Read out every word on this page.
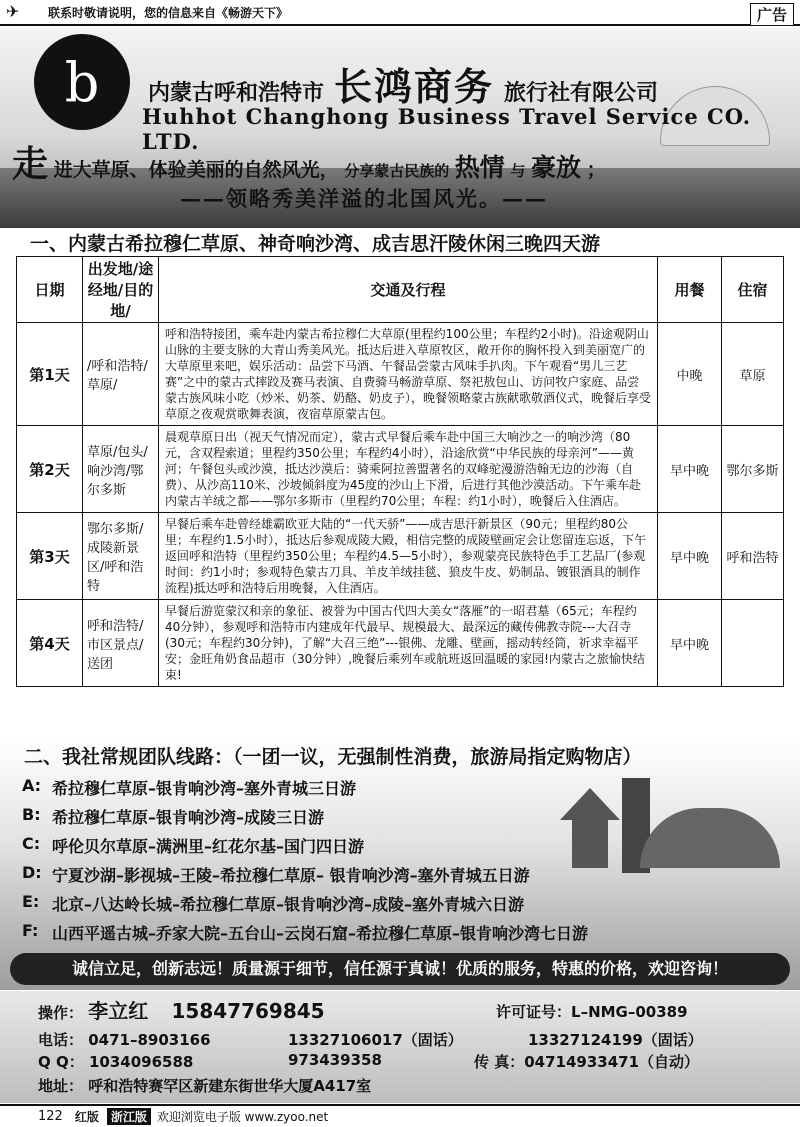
✈	联系时敬请说明，您的信息来自《畅游天下》	广告
b	内蒙古呼和浩特市 长鸿商务 旅行社有限公司
Huhhot Changhong Business Travel Service CO. LTD.
走 进大草原、体验美丽的自然风光， 分享蒙古民族的 热情 与 豪放 ；
——领略秀美洋溢的北国风光。——
一、内蒙古希拉穆仁草原、神奇响沙湾、成吉思汗陵休闲三晚四天游
日期	出发地/途经地/目的地/	交通及行程	用餐	住宿
第1天	/呼和浩特/草原/	呼和浩特接团，乘车赴内蒙古希拉穆仁大草原(里程约100公里；车程约2小时)。沿途观阴山山脉的主要支脉的大青山秀美风光。抵达后进入草原牧区，敞开你的胸怀投入到美丽宽广的大草原里来吧，娱乐活动：品尝下马酒、午餐品尝蒙古风味手扒肉。下午观看“男儿三艺赛”之中的蒙古式摔跤及赛马表演、自费骑马畅游草原、祭祀敖包山、访问牧户家庭、品尝蒙古族风味小吃（炒米、奶茶、奶酪、奶皮子），晚餐领略蒙古族献歌敬酒仪式，晚餐后享受草原之夜观赏歌舞表演，夜宿草原蒙古包。	中晚	草原
第2天	草原/包头/响沙湾/鄂尔多斯	晨观草原日出（视天气情况而定），蒙古式早餐后乘车赴中国三大响沙之一的响沙湾（80元，含双程索道；里程约350公里；车程约4小时），沿途欣赏“中华民族的母亲河”——黄河；午餐包头或沙漠，抵达沙漠后：骑乘阿拉善盟著名的双峰驼漫游浩翰无边的沙海（自费）、从沙高110米、沙坡倾斜度为45度的沙山上下滑，后进行其他沙漠活动。下午乘车赴内蒙古羊绒之都——鄂尔多斯市（里程约70公里；车程：约1小时），晚餐后入住酒店。	早中晚	鄂尔多斯
第3天	鄂尔多斯/成陵新景区/呼和浩特	早餐后乘车赴曾经雄霸欧亚大陆的“一代天骄”——成吉思汗新景区（90元；里程约80公里；车程约1.5小时），抵达后参观成陵大殿，相信完整的成陵壁画定会让您留连忘返，下午返回呼和浩特（里程约350公里；车程约4.5—5小时），参观蒙亮民族特色手工艺品厂(参观时间：约1小时；参观特色蒙古刀具、羊皮羊绒挂毯、狼皮牛皮、奶制品、镀银酒具的制作流程)抵达呼和浩特后用晚餐，入住酒店。	早中晚	呼和浩特
第4天	呼和浩特/市区景点/送团	早餐后游览蒙汉和亲的象征、被誉为中国古代四大美女“落雁”的一昭君墓（65元；车程约40分钟），参观呼和浩特市内建成年代最早、规模最大、最深远的藏传佛教寺院---大召寺(30元；车程约30分钟)，了解“大召三绝”---银佛、龙雕、壁画，摇动转经筒，祈求幸福平安；金旺角奶食品超市（30分钟）,晚餐后乘列车或航班返回温暖的家园!内蒙古之旅愉快结束!	早中晚	
二、我社常规团队线路：（一团一议，无强制性消费，旅游局指定购物店）
A: 希拉穆仁草原–银肯响沙湾–塞外青城三日游
B: 希拉穆仁草原–银肯响沙湾–成陵三日游
C: 呼伦贝尔草原–满洲里–红花尔基–国门四日游
D: 宁夏沙湖–影视城–王陵–希拉穆仁草原– 银肯响沙湾–塞外青城五日游
E: 北京–八达岭长城–希拉穆仁草原–银肯响沙湾–成陵–塞外青城六日游
F: 山西平遥古城–乔家大院–五台山–云岗石窟–希拉穆仁草原–银肯响沙湾七日游
诚信立足，创新志远！质量源于细节，信任源于真诚！优质的服务，特惠的价格，欢迎咨询！
操作： 李立红 15847769845	许可证号：L–NMG–00389
电话： 0471–8903166	13327106017（固话）	13327124199（固话）
Q Q： 1034096588	973439358	传 真：04714933471（自动）
地址： 呼和浩特赛罕区新建东街世华大厦A417室
122 红版	浙江版 欢迎浏览电子版 www.zyoo.net
